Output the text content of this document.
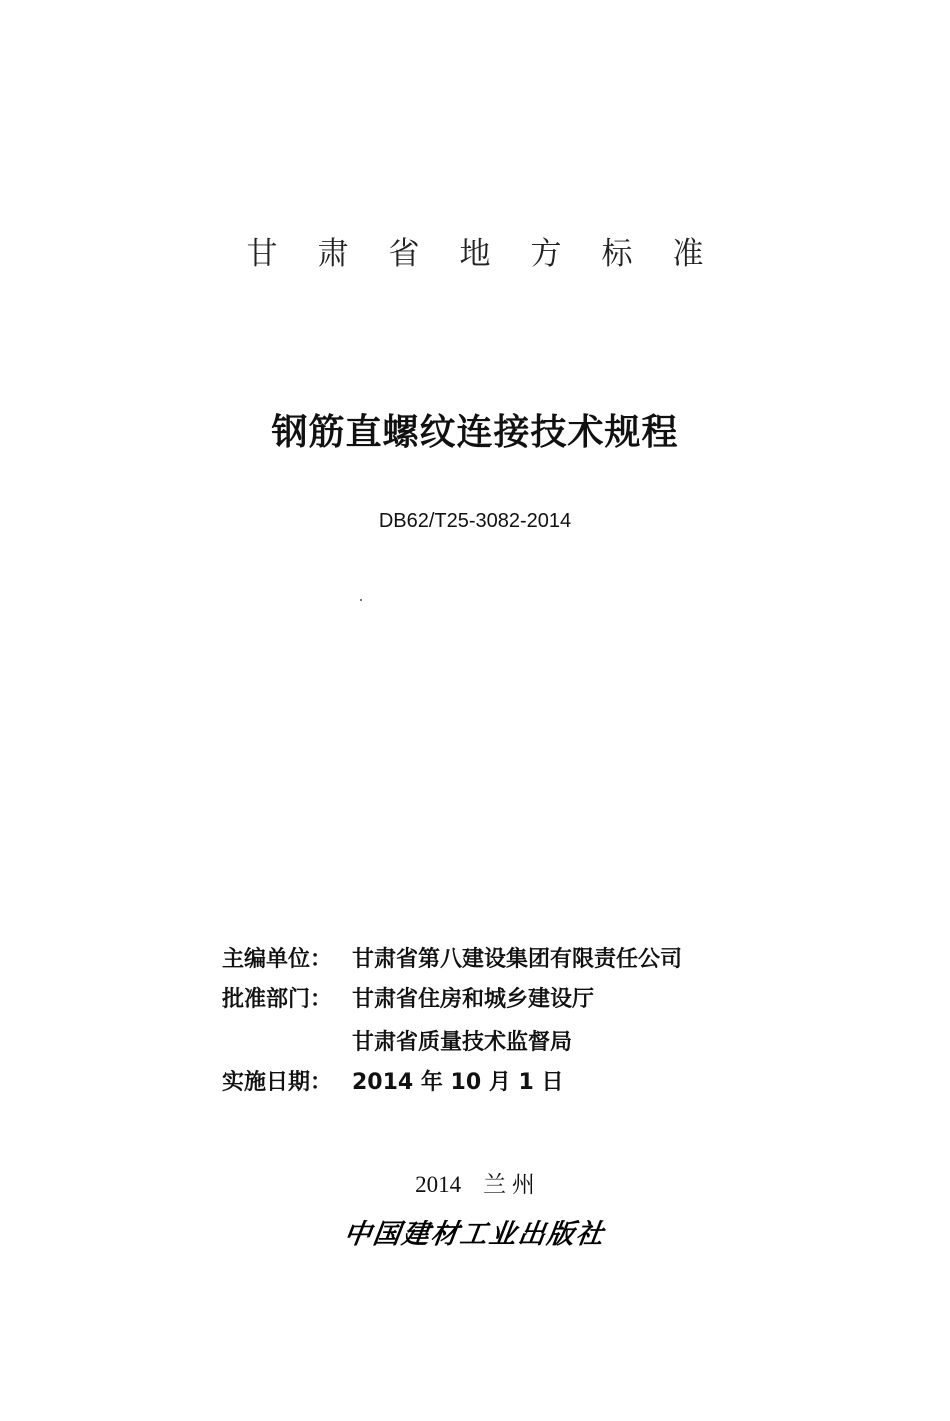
甘肃省地方标准
钢筋直螺纹连接技术规程
DB62/T25-3082-2014
主编单位： 甘肃省第八建设集团有限责任公司
批准部门： 甘肃省住房和城乡建设厅
甘肃省质量技术监督局
实施日期： 2014 年 10 月 1 日
2014 兰 州
中国建材工业出版社
